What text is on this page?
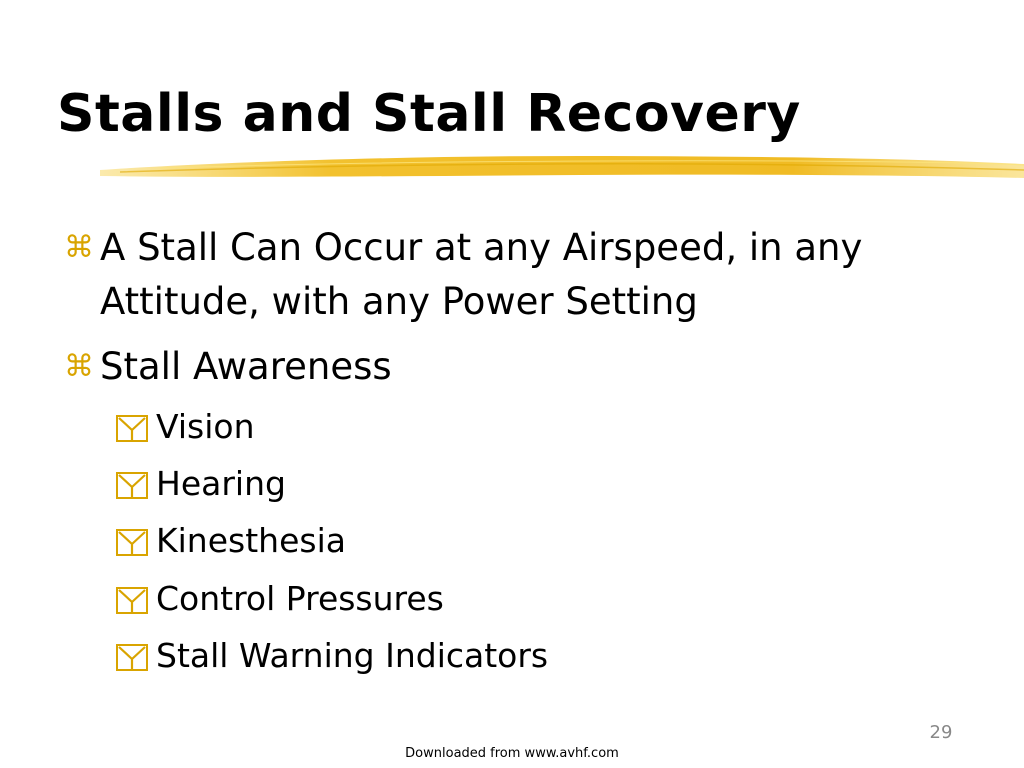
Stalls and Stall Recovery
⌘ A Stall Can Occur at any Airspeed, in any Attitude, with any Power Setting
⌘ Stall Awareness
Vision
Hearing
Kinesthesia
Control Pressures
Stall Warning Indicators
29
Downloaded from www.avhf.com
